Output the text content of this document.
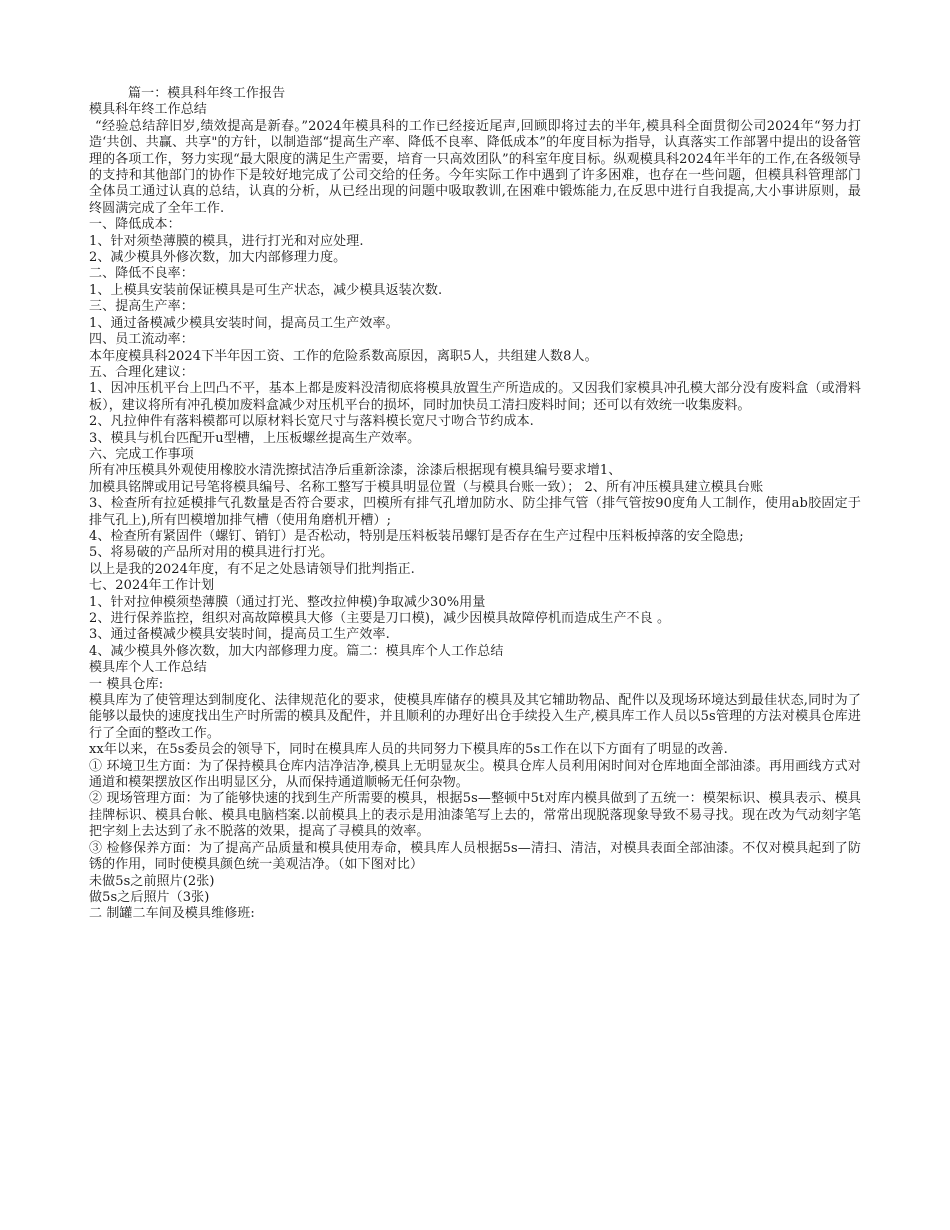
篇一：模具科年终工作报告

模具科年终工作总结

“经验总结辞旧岁,绩效提高是新春。”2024年模具科的工作已经接近尾声,回顾即将过去的半年,模具科全面贯彻公司2024年“努力打造‘共创、共赢、共享"的方针，以制造部“提高生产率、降低不良率、降低成本”的年度目标为指导，认真落实工作部署中提出的设备管理的各项工作，努力实现“最大限度的满足生产需要，培育一只高效团队”的科室年度目标。纵观模具科2024年半年的工作,在各级领导的支持和其他部门的协作下是较好地完成了公司交给的任务。今年实际工作中遇到了许多困难，也存在一些问题，但模具科管理部门全体员工通过认真的总结，认真的分析，从已经出现的问题中吸取教训,在困难中锻炼能力,在反思中进行自我提高,大小事讲原则，最终圆满完成了全年工作.

一、降低成本：

1、针对须垫薄膜的模具，进行打光和对应处理.

2、减少模具外修次数，加大内部修理力度。

二、降低不良率：

1、上模具安装前保证模具是可生产状态，减少模具返装次数.

三、提高生产率：

1、通过备模减少模具安装时间，提高员工生产效率。

四、员工流动率：

本年度模具科2024下半年因工资、工作的危险系数高原因，离职5人，共组建人数8人。

五、合理化建议：

1、因冲压机平台上凹凸不平，基本上都是废料没清彻底将模具放置生产所造成的。又因我们家模具冲孔模大部分没有废料盒（或滑料板），建议将所有冲孔模加废料盒减少对压机平台的损坏，同时加快员工清扫废料时间；还可以有效统一收集废料。

2、凡拉伸件有落料模都可以原材料长宽尺寸与落料模长宽尺寸吻合节约成本.

3、模具与机台匹配开u型槽，上压板螺丝提高生产效率。

六、完成工作事项

所有冲压模具外观使用橡胶水清洗擦拭洁净后重新涂漆，涂漆后根据现有模具编号要求增1、

加模具铭牌或用记号笔将模具编号、名称工整写于模具明显位置（与模具台账一致）； 2、所有冲压模具建立模具台账

3、检查所有拉延模排气孔数量是否符合要求，凹模所有排气孔增加防水、防尘排气管（排气管按90度角人工制作，使用ab胶固定于排气孔上),所有凹模增加排气槽（使用角磨机开槽）;

4、检查所有紧固件（螺钉、销钉）是否松动，特别是压料板装吊螺钉是否存在生产过程中压料板掉落的安全隐患;

5、将易破的产品所对用的模具进行打光。

以上是我的2024年度，有不足之处恳请领导们批判指正.

七、2024年工作计划

1、针对拉伸模须垫薄膜（通过打光、整改拉伸模)争取减少30%用量

2、进行保养监控，组织对高故障模具大修（主要是刀口模)，减少因模具故障停机而造成生产不良 。

3、通过备模减少模具安装时间，提高员工生产效率.

4、减少模具外修次数，加大内部修理力度。篇二：模具库个人工作总结

模具库个人工作总结

一 模具仓库:

模具库为了使管理达到制度化、法律规范化的要求，使模具库储存的模具及其它辅助物品、配件以及现场环境达到最佳状态,同时为了能够以最快的速度找出生产时所需的模具及配件，并且顺利的办理好出仓手续投入生产,模具库工作人员以5s管理的方法对模具仓库进行了全面的整改工作。

xx年以来，在5s委员会的领导下，同时在模具库人员的共同努力下模具库的5s工作在以下方面有了明显的改善.

① 环境卫生方面：为了保持模具仓库内洁净洁净,模具上无明显灰尘。模具仓库人员利用闲时间对仓库地面全部油漆。再用画线方式对通道和模架摆放区作出明显区分，从而保持通道顺畅无任何杂物。

② 现场管理方面：为了能够快速的找到生产所需要的模具，根据5s—整顿中5t对库内模具做到了五统一：模架标识、模具表示、模具挂牌标识、模具台帐、模具电脑档案.以前模具上的表示是用油漆笔写上去的，常常出现脱落现象导致不易寻找。现在改为气动刻字笔把字刻上去达到了永不脱落的效果，提高了寻模具的效率。

③ 检修保养方面：为了提高产品质量和模具使用寿命，模具库人员根据5s—清扫、清洁，对模具表面全部油漆。不仅对模具起到了防锈的作用，同时使模具颜色统一美观洁净。（如下图对比）

未做5s之前照片(2张)

做5s之后照片（3张)

二 制罐二车间及模具维修班:
